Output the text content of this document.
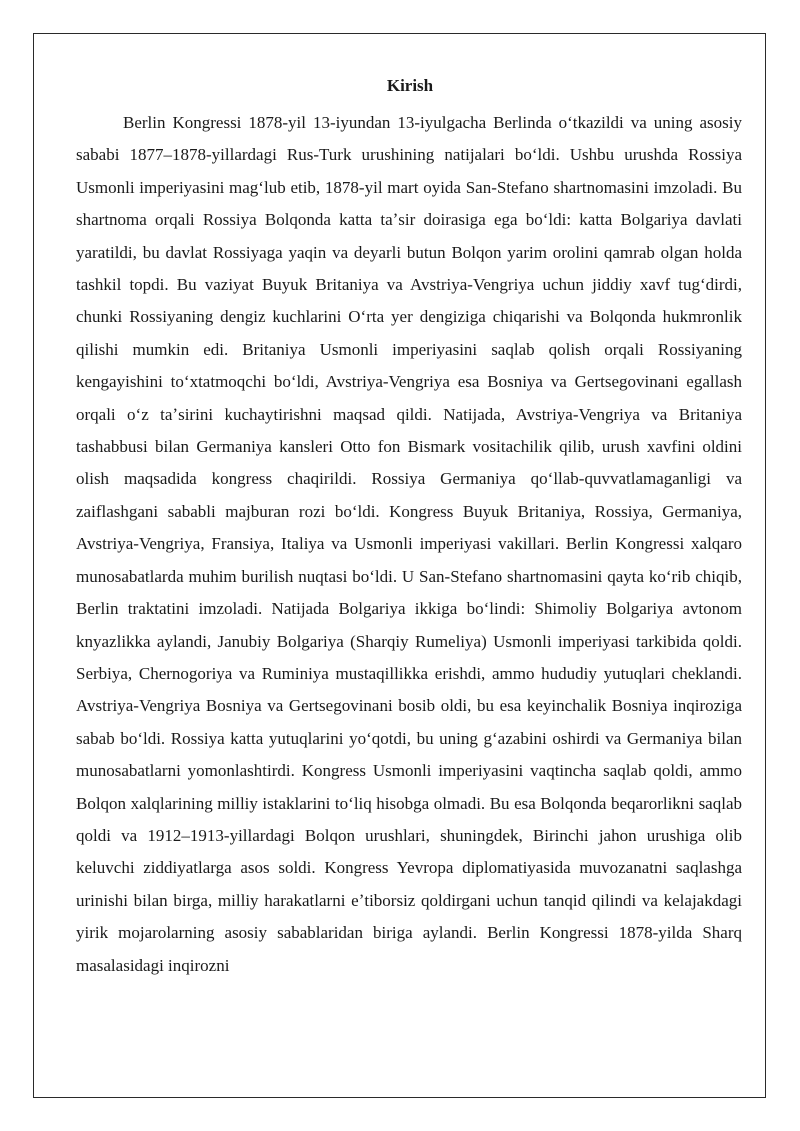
Kirish

Berlin Kongressi 1878-yil 13-iyundan 13-iyulgacha Berlinda oʻtkazildi va uning asosiy sababi 1877–1878-yillardagi Rus-Turk urushining natijalari boʻldi. Ushbu urushda Rossiya Usmonli imperiyasini magʻlub etib, 1878-yil mart oyida San-Stefano shartnomasini imzoladi. Bu shartnoma orqali Rossiya Bolqonda katta taʼsir doirasiga ega boʻldi: katta Bolgariya davlati yaratildi, bu davlat Rossiyaga yaqin va deyarli butun Bolqon yarim orolini qamrab olgan holda tashkil topdi. Bu vaziyat Buyuk Britaniya va Avstriya-Vengriya uchun jiddiy xavf tugʻdirdi, chunki Rossiyaning dengiz kuchlarini Oʻrta yer dengiziga chiqarishi va Bolqonda hukmronlik qilishi mumkin edi. Britaniya Usmonli imperiyasini saqlab qolish orqali Rossiyaning kengayishini toʻxtatmoqchi boʻldi, Avstriya-Vengriya esa Bosniya va Gertsegovinani egallash orqali oʻz taʼsirini kuchaytirishni maqsad qildi. Natijada, Avstriya-Vengriya va Britaniya tashabbusi bilan Germaniya kansleri Otto fon Bismark vositachilik qilib, urush xavfini oldini olish maqsadida kongress chaqirildi. Rossiya Germaniya qoʻllab-quvvatlamaganligi va zaiflashgani sababli majburan rozi boʻldi. Kongress Buyuk Britaniya, Rossiya, Germaniya, Avstriya-Vengriya, Fransiya, Italiya va Usmonli imperiyasi vakillari. Berlin Kongressi xalqaro munosabatlarda muhim burilish nuqtasi boʻldi. U San-Stefano shartnomasini qayta koʻrib chiqib, Berlin traktatini imzoladi. Natijada Bolgariya ikkiga boʻlindi: Shimoliy Bolgariya avtonom knyazlikka aylandi, Janubiy Bolgariya (Sharqiy Rumeliya) Usmonli imperiyasi tarkibida qoldi. Serbiya, Chernogoriya va Ruminiya mustaqillikka erishdi, ammo hududiy yutuqlari cheklandi. Avstriya-Vengriya Bosniya va Gertsegovinani bosib oldi, bu esa keyinchalik Bosniya inqiroziga sabab boʻldi. Rossiya katta yutuqlarini yoʻqotdi, bu uning gʻazabini oshirdi va Germaniya bilan munosabatlarni yomonlashtirdi. Kongress Usmonli imperiyasini vaqtincha saqlab qoldi, ammo Bolqon xalqlarining milliy istaklarini toʻliq hisobga olmadi. Bu esa Bolqonda beqarorlikni saqlab qoldi va 1912–1913-yillardagi Bolqon urushlari, shuningdek, Birinchi jahon urushiga olib keluvchi ziddiyatlarga asos soldi. Kongress Yevropa diplomatiyasida muvozanatni saqlashga urinishi bilan birga, milliy harakatlarni eʼtiborsiz qoldirgani uchun tanqid qilindi va kelajakdagi yirik mojarolarning asosiy sabablaridan biriga aylandi. Berlin Kongressi 1878-yilda Sharq masalasidagi inqirozni
